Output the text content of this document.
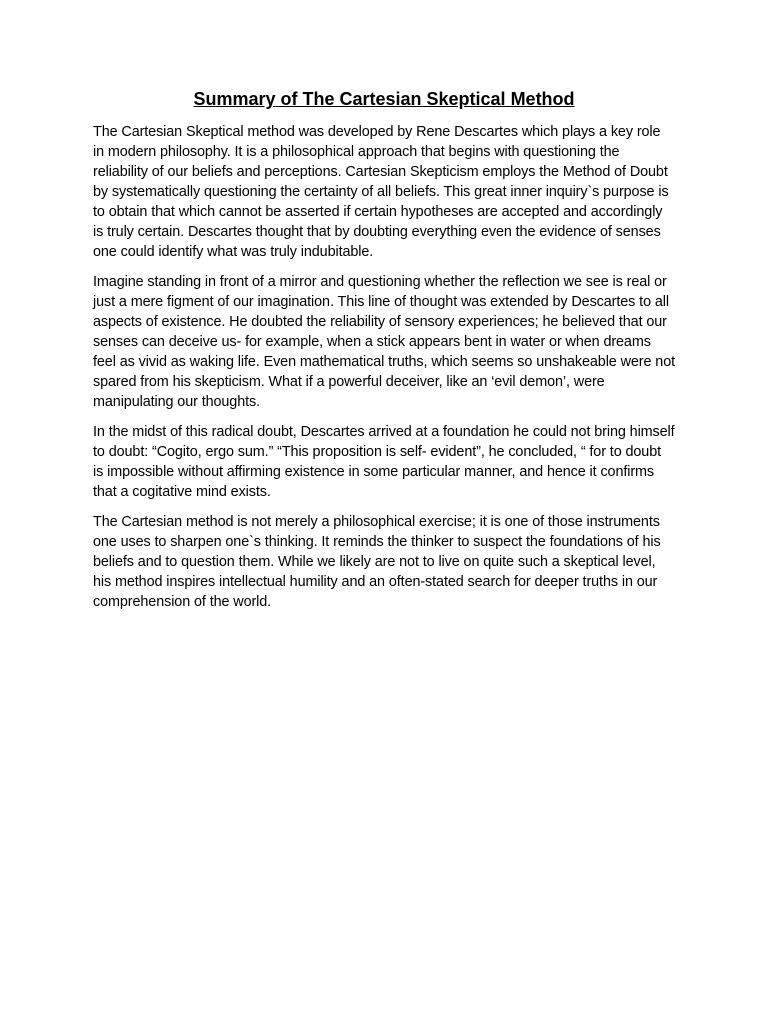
Summary of The Cartesian Skeptical Method

The Cartesian Skeptical method was developed by Rene Descartes which plays a key role in modern philosophy. It is a philosophical approach that begins with questioning the reliability of our beliefs and perceptions. Cartesian Skepticism employs the Method of Doubt by systematically questioning the certainty of all beliefs. This great inner inquiry`s purpose is to obtain that which cannot be asserted if certain hypotheses are accepted and accordingly is truly certain. Descartes thought that by doubting everything even the evidence of senses one could identify what was truly indubitable.

Imagine standing in front of a mirror and questioning whether the reflection we see is real or just a mere figment of our imagination. This line of thought was extended by Descartes to all aspects of existence. He doubted the reliability of sensory experiences; he believed that our senses can deceive us- for example, when a stick appears bent in water or when dreams feel as vivid as waking life. Even mathematical truths, which seems so unshakeable were not spared from his skepticism. What if a powerful deceiver, like an ‘evil demon’, were manipulating our thoughts.

In the midst of this radical doubt, Descartes arrived at a foundation he could not bring himself to doubt: “Cogito, ergo sum.” “This proposition is self- evident”, he concluded, “ for to doubt is impossible without affirming existence in some particular manner, and hence it confirms that a cogitative mind exists.

The Cartesian method is not merely a philosophical exercise; it is one of those instruments one uses to sharpen one`s thinking. It reminds the thinker to suspect the foundations of his beliefs and to question them. While we likely are not to live on quite such a skeptical level, his method inspires intellectual humility and an often-stated search for deeper truths in our comprehension of the world.
